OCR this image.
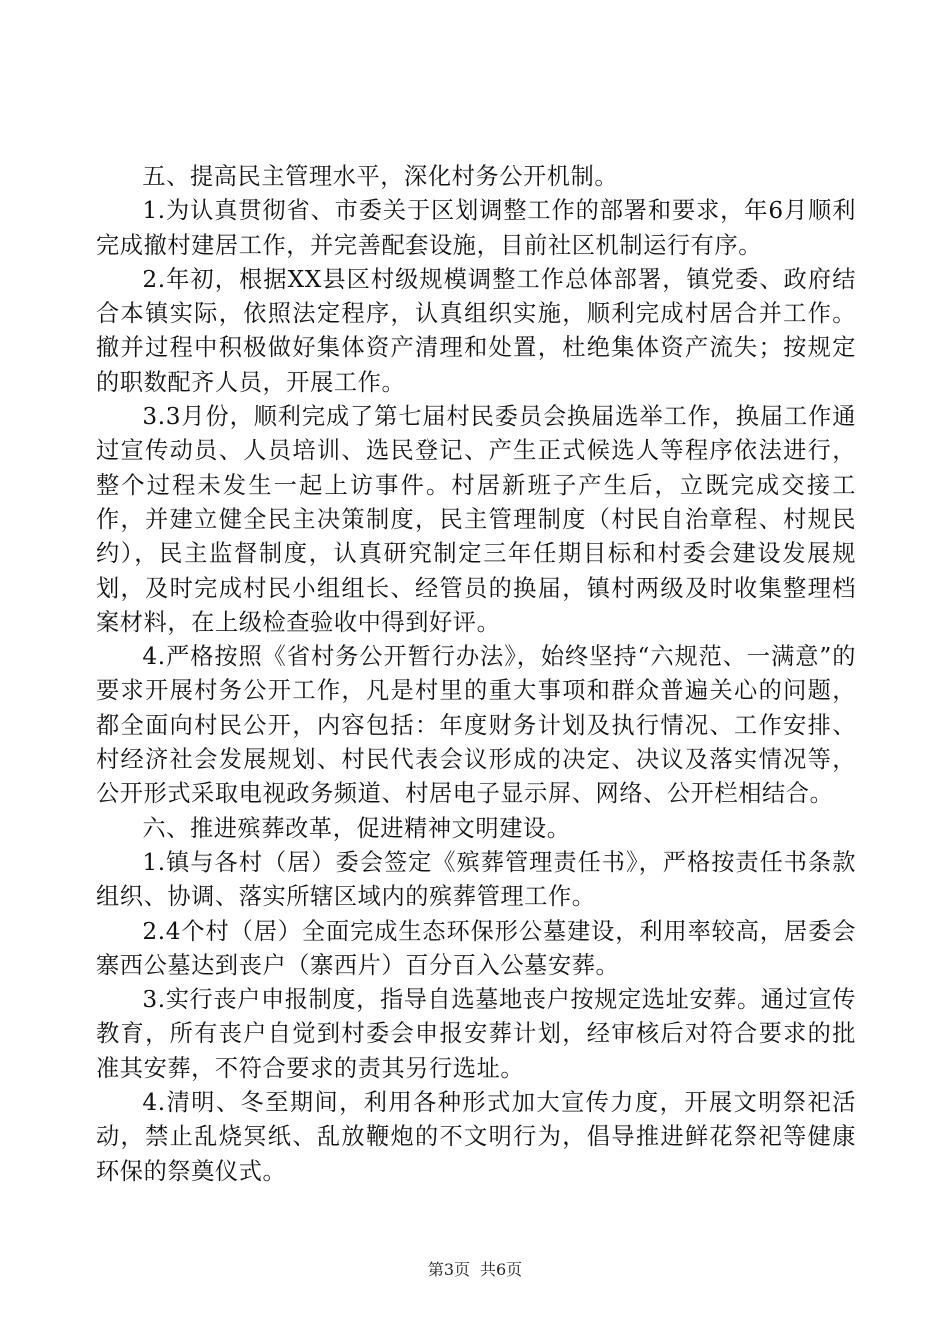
五、提高民主管理水平，深化村务公开机制。

1.为认真贯彻省、市委关于区划调整工作的部署和要求，年6月顺利完成撤村建居工作，并完善配套设施，目前社区机制运行有序。

2.年初，根据XX县区村级规模调整工作总体部署，镇党委、政府结合本镇实际，依照法定程序，认真组织实施，顺利完成村居合并工作。撤并过程中积极做好集体资产清理和处置，杜绝集体资产流失；按规定的职数配齐人员，开展工作。

3.3月份，顺利完成了第七届村民委员会换届选举工作，换届工作通过宣传动员、人员培训、选民登记、产生正式候选人等程序依法进行，整个过程未发生一起上访事件。村居新班子产生后，立既完成交接工作，并建立健全民主决策制度，民主管理制度（村民自治章程、村规民约），民主监督制度，认真研究制定三年任期目标和村委会建设发展规划，及时完成村民小组组长、经管员的换届，镇村两级及时收集整理档案材料，在上级检查验收中得到好评。

4.严格按照《省村务公开暂行办法》，始终坚持“六规范、一满意”的要求开展村务公开工作，凡是村里的重大事项和群众普遍关心的问题，都全面向村民公开，内容包括：年度财务计划及执行情况、工作安排、村经济社会发展规划、村民代表会议形成的决定、决议及落实情况等，公开形式采取电视政务频道、村居电子显示屏、网络、公开栏相结合。

六、推进殡葬改革，促进精神文明建设。

1.镇与各村（居）委会签定《殡葬管理责任书》，严格按责任书条款组织、协调、落实所辖区域内的殡葬管理工作。

2.4个村（居）全面完成生态环保形公墓建设，利用率较高，居委会寨西公墓达到丧户（寨西片）百分百入公墓安葬。

3.实行丧户申报制度，指导自选墓地丧户按规定选址安葬。通过宣传教育，所有丧户自觉到村委会申报安葬计划，经审核后对符合要求的批准其安葬，不符合要求的责其另行选址。

4.清明、冬至期间，利用各种形式加大宣传力度，开展文明祭祀活动，禁止乱烧冥纸、乱放鞭炮的不文明行为，倡导推进鲜花祭祀等健康环保的祭奠仪式。

第3页 共6页
